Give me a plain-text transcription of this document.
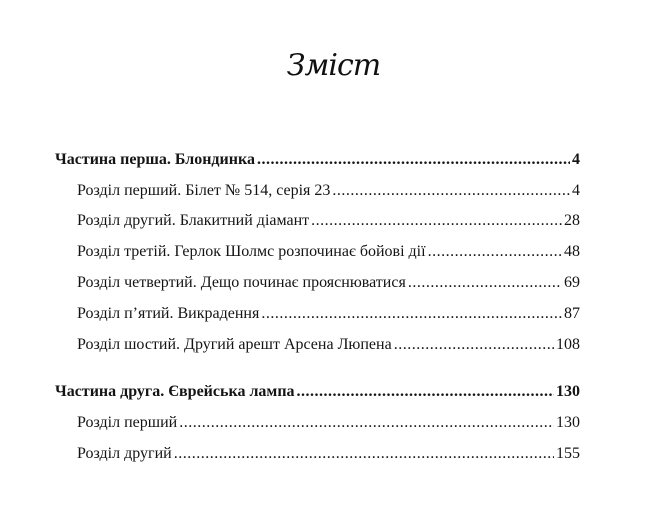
Зміст
Частина перша. Блондинка .....	4
Розділ перший. Білет № 514, серія 23 .....	4
Розділ другий. Блакитний діамант .....	28
Розділ третій. Герлок Шолмс розпочинає бойові дії .....	48
Розділ четвертий. Дещо починає прояснюватися .....	69
Розділ п’ятий. Викрадення .....	87
Розділ шостий. Другий арешт Арсена Люпена .....	108
Частина друга. Єврейська лампа .....	130
Розділ перший .....	130
Розділ другий .....	155
